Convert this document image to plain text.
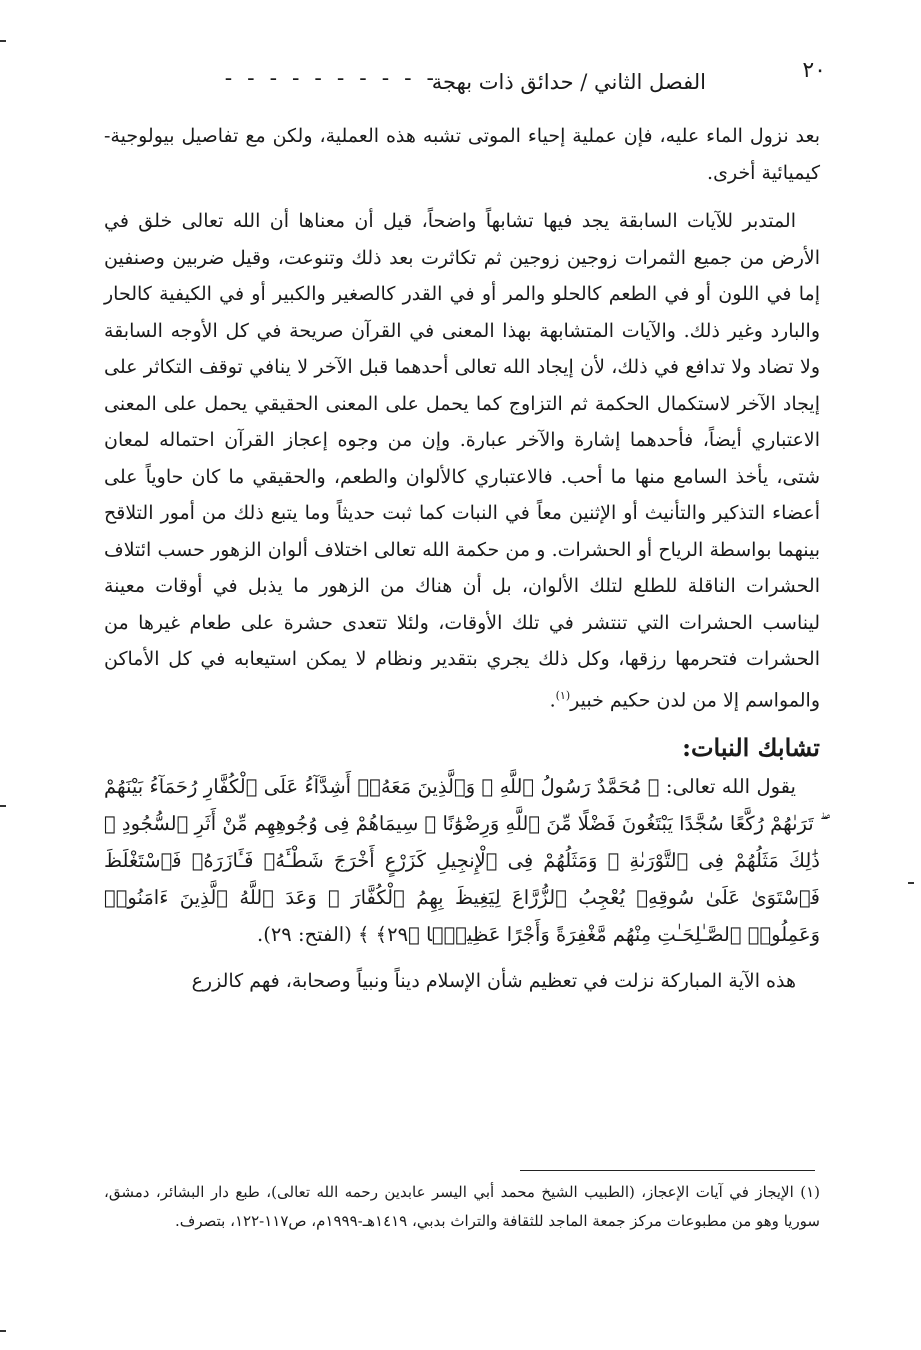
٢٠
- - - - - - - - - -
الفصل الثاني / حدائق ذات بهجة

بعد نزول الماء عليه، فإن عملية إحياء الموتى تشبه هذه العملية، ولكن مع تفاصيل بيولوجية-كيميائية أخرى.

المتدبر للآيات السابقة يجد فيها تشابهاً واضحاً، قيل أن معناها أن الله تعالى خلق في الأرض من جميع الثمرات زوجين زوجين ثم تكاثرت بعد ذلك وتنوعت، وقيل ضربين وصنفين إما في اللون أو في الطعم كالحلو والمر أو في القدر كالصغير والكبير أو في الكيفية كالحار والبارد وغير ذلك. والآيات المتشابهة بهذا المعنى في القرآن صريحة في كل الأوجه السابقة ولا تضاد ولا تدافع في ذلك، لأن إيجاد الله تعالى أحدهما قبل الآخر لا ينافي توقف التكاثر على إيجاد الآخر لاستكمال الحكمة ثم التزاوج كما يحمل على المعنى الحقيقي يحمل على المعنى الاعتباري أيضاً، فأحدهما إشارة والآخر عبارة. وإن من وجوه إعجاز القرآن احتماله لمعان شتى، يأخذ السامع منها ما أحب. فالاعتباري كالألوان والطعم، والحقيقي ما كان حاوياً على أعضاء التذكير والتأنيث أو الإثنين معاً في النبات كما ثبت حديثاً وما يتبع ذلك من أمور التلاقح بينهما بواسطة الرياح أو الحشرات. و من حكمة الله تعالى اختلاف ألوان الزهور حسب ائتلاف الحشرات الناقلة للطلع لتلك الألوان، بل أن هناك من الزهور ما يذبل في أوقات معينة ليناسب الحشرات التي تنتشر في تلك الأوقات، ولئلا تتعدى حشرة على طعام غيرها من الحشرات فتحرمها رزقها، وكل ذلك يجري بتقدير ونظام لا يمكن استيعابه في كل الأماكن والمواسم إلا من لدن حكيم خبير$^{(١)}$.

تشابك النبات:

يقول الله تعالى: ﴿ مُحَمَّدٌ رَسُولُ ٱللَّهِ ۚ وَٱلَّذِينَ مَعَهُۥٓ أَشِدَّآءُ عَلَى ٱلْكُفَّارِ رُحَمَآءُ بَيْنَهُمْ ۖ تَرَىٰهُمْ رُكَّعًا سُجَّدًا يَبْتَغُونَ فَضْلًا مِّنَ ٱللَّهِ وَرِضْوَٰنًا ۖ سِيمَاهُمْ فِى وُجُوهِهِم مِّنْ أَثَرِ ٱلسُّجُودِ ۚ ذَٰلِكَ مَثَلُهُمْ فِى ٱلتَّوْرَىٰةِ ۚ وَمَثَلُهُمْ فِى ٱلْإِنجِيلِ كَزَرْعٍ أَخْرَجَ شَطْـَٔهُۥ فَـَٔازَرَهُۥ فَٱسْتَغْلَظَ فَٱسْتَوَىٰ عَلَىٰ سُوقِهِۦ يُعْجِبُ ٱلزُّرَّاعَ لِيَغِيظَ بِهِمُ ٱلْكُفَّارَ ۗ وَعَدَ ٱللَّهُ ٱلَّذِينَ ءَامَنُوا۟ وَعَمِلُوا۟ ٱلصَّـٰلِحَـٰتِ مِنْهُم مَّغْفِرَةً وَأَجْرًا عَظِيمًۢا ﴿٢٩﴾ ﴾ (الفتح: ٢٩).

هذه الآية المباركة نزلت في تعظيم شأن الإسلام ديناً ونبياً وصحابة، فهم كالزرع

(١) الإيجاز في آيات الإعجاز، (الطبيب الشيخ محمد أبي اليسر عابدين رحمه الله تعالى)، طبع دار البشائر، دمشق، سوريا وهو من مطبوعات مركز جمعة الماجد للثقافة والتراث بدبي، ١٤١٩هـ-١٩٩٩م، ص١١٧-١٢٢، بتصرف.
